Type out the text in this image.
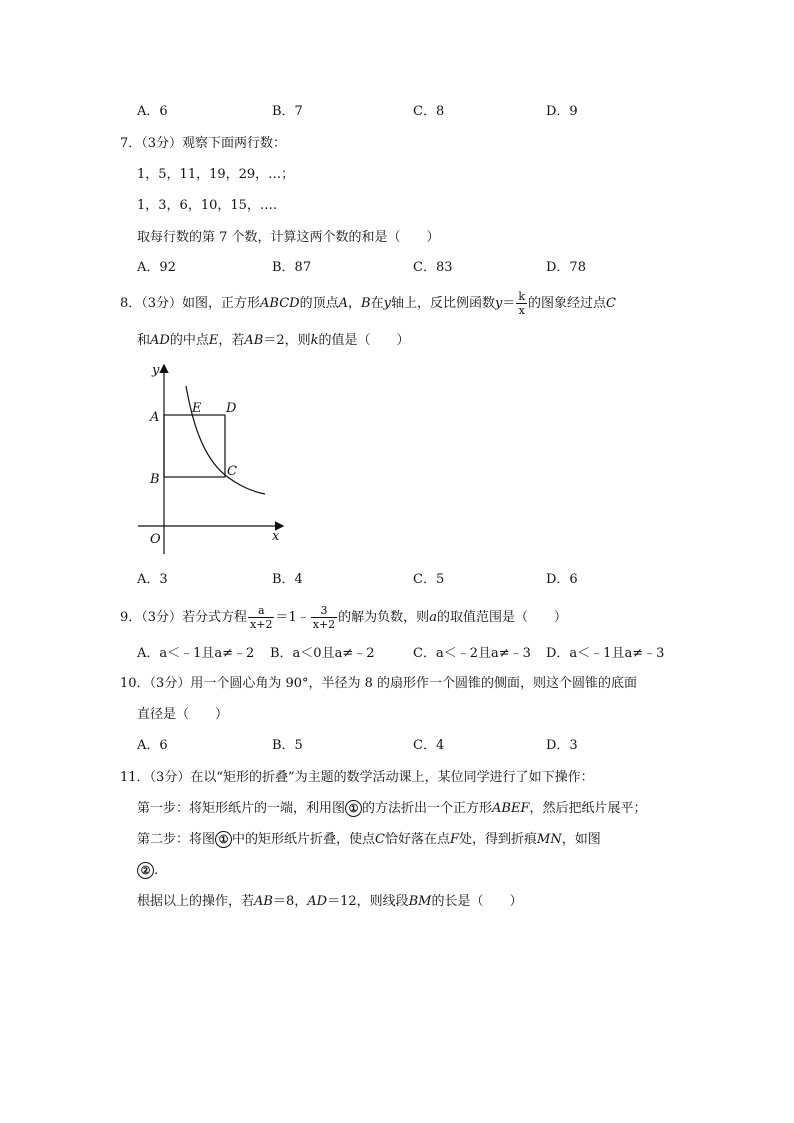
A．6	B．7	C．8	D．9
7．（3分）观察下面两行数：
1，5，11，19，29，…；
1，3，6，10，15，….
取每行数的第 7 个数，计算这两个数的和是（　　）
A．92	B．87	C．83	D．78
8．（3分）如图，正方形ABCD的顶点A，B在y轴上，反比例函数$y= \frac{k}{x}$ 的图象经过点C
和AD的中点E，若AB＝2，则k的值是（　　）
y
x
O
A
B
C
D
E
A．3	B．4	C．5	D．6
9．（3分）若分式方程 $\frac{a}{x+2}$ ＝1﹣ $\frac{3}{x+2}$ 的解为负数，则a的取值范围是（　　）
A．a＜﹣1且a≠﹣2 B．a＜0且a≠﹣2	C．a＜﹣2且a≠﹣3 D．a＜﹣1且a≠﹣3
10．（3分）用一个圆心角为 90°，半径为 8 的扇形作一个圆锥的侧面，则这个圆锥的底面
直径是（　　）
A．6	B．5	C．4	D．3
11．（3分）在以“矩形的折叠”为主题的数学活动课上，某位同学进行了如下操作：
第一步：将矩形纸片的一端，利用图 ① 的方法折出一个正方形ABEF，然后把纸片展平；
第二步：将图 ① 中的矩形纸片折叠，使点C恰好落在点F处，得到折痕MN，如图
② .
根据以上的操作，若AB＝8，AD＝12，则线段BM的长是（　　）
